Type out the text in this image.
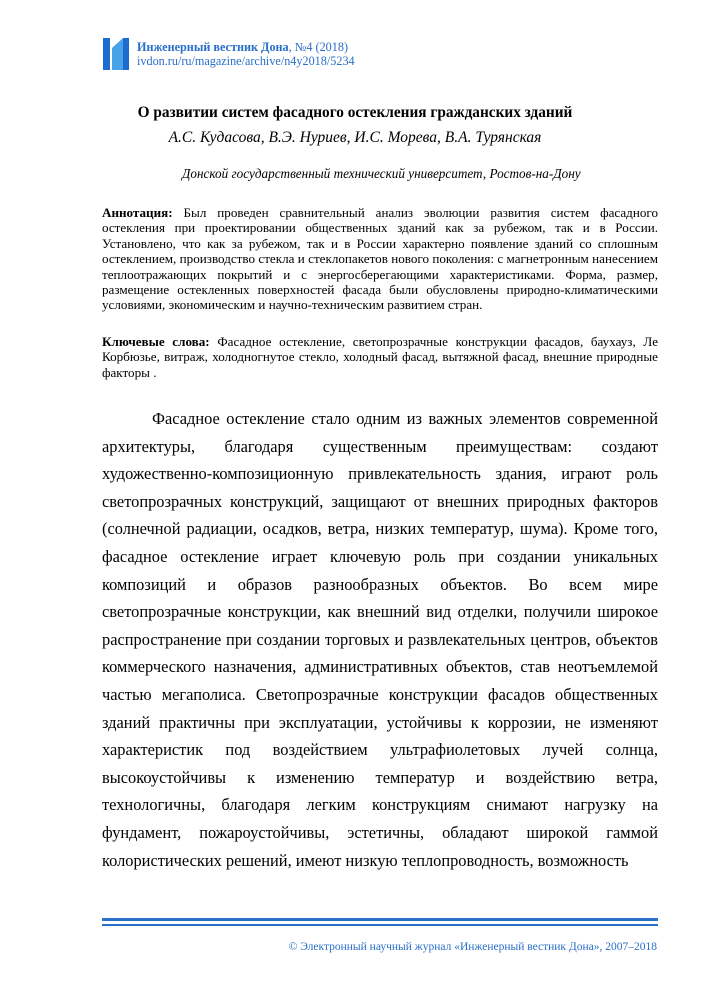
Инженерный вестник Дона, №4 (2018)
ivdon.ru/ru/magazine/archive/n4y2018/5234
О развитии систем фасадного остекления гражданских зданий
А.С. Кудасова, В.Э. Нуриев, И.С. Морева, В.А. Турянская
Донской государственный технический университет, Ростов-на-Дону
Аннотация: Был проведен сравнительный анализ эволюции развития систем фасадного остекления при проектировании общественных зданий как за рубежом, так и в России. Установлено, что как за рубежом, так и в России характерно появление зданий со сплошным остеклением, производство стекла и стеклопакетов нового поколения: с магнетронным нанесением теплоотражающих покрытий и с энергосберегающими характеристиками. Форма, размер, размещение остекленных поверхностей фасада были обусловлены природно-климатическими условиями, экономическим и научно-техническим развитием стран.
Ключевые слова: Фасадное остекление, светопрозрачные конструкции фасадов, баухауз, Ле Корбюзье, витраж, холодногнутое стекло, холодный фасад, вытяжной фасад, внешние природные факторы .
Фасадное остекление стало одним из важных элементов современной архитектуры, благодаря существенным преимуществам: создают художественно-композиционную привлекательность здания, играют роль светопрозрачных конструкций, защищают от внешних природных факторов (солнечной радиации, осадков, ветра, низких температур, шума). Кроме того, фасадное остекление играет ключевую роль при создании уникальных композиций и образов разнообразных объектов. Во всем мире светопрозрачные конструкции, как внешний вид отделки, получили широкое распространение при создании торговых и развлекательных центров, объектов коммерческого назначения, административных объектов, став неотъемлемой частью мегаполиса. Светопрозрачные конструкции фасадов общественных зданий практичны при эксплуатации, устойчивы к коррозии, не изменяют характеристик под воздействием ультрафиолетовых лучей солнца, высокоустойчивы к изменению температур и воздействию ветра, технологичны, благодаря легким конструкциям снимают нагрузку на фундамент, пожароустойчивы, эстетичны, обладают широкой гаммой колористических решений, имеют низкую теплопроводность, возможность
© Электронный научный журнал «Инженерный вестник Дона», 2007–2018
